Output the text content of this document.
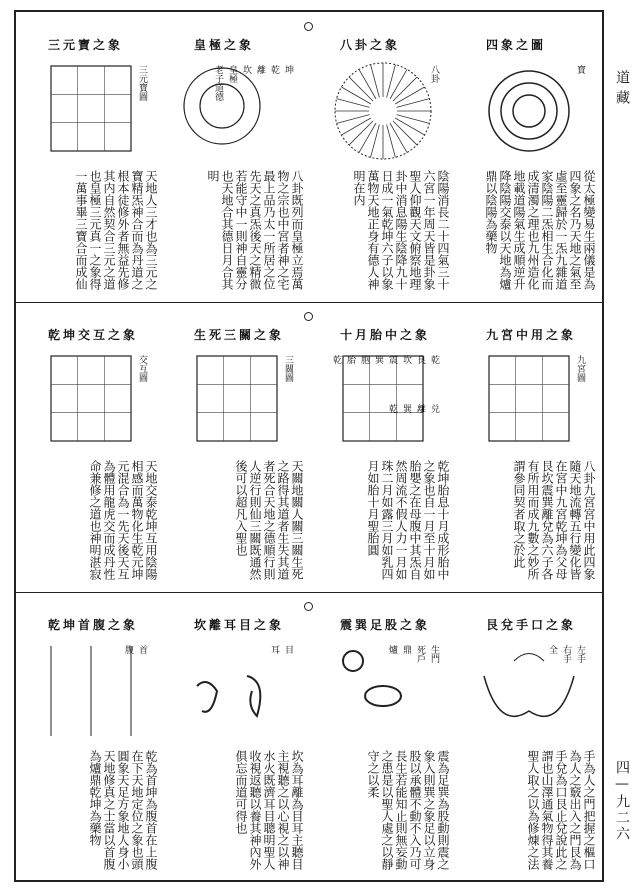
道藏
四—九二六
四象之圖
寶
從太極變易生兩儀是為四象之名乃天地之氣至虛至靈歸於一炁九雜道家陰陽二炁相生合化而成清濁之理也九州造化地載道陽氣生成順逆升降陰陽交泰以天地為爐鼎以陰陽為藥物
八卦之象
八卦
陰陽消長二十四氣三十六宮一年周天皆是卦象聖人仰觀天文俯察地理卦中消息陽生陰降九十日成一氣乾坤六子以象萬物天地正身有德人神明在内
皇極之象
坤
乾
離
坎
皇極
老子道德
八卦既列而皇極立焉萬物之宗也中宮者神之宅最上品乃太一所居之位先天之真炁後天之精微若能守中一則神自靈分也天地合其德日月合其明
三元寶之象
三元寶圖
天地人三才也為三元之寶精炁神合而為丹道之根本徒修外者無益先修其内自然契合三元之道也皇極三元真一之象得一萬事畢三寶合而成仙
九宮中用之象
九宮圖
八卦九宮宮中用此四象隨天地流轉五行變化皆在宮中九宮乾坤為父母艮坎震巽離兌為六子各有所用而成九數之妙所謂參同契者取之於此
十月胎中之象
乾
良
坎
震
巽
胞
胎
乾
兑
離
巽
乾
乾坤胎息十月成形胎中之象也自一月至十月如胎嬰之在母腹中其炁自然周流不假人力一月如珠二月如露三月如乳四月如胎十月聖胎圓
生死三關之象
三關圖
天關地關人關三關生死之路得其道者生失其道者死合天地之德順行則人逆行則仙三關既通然後可以超凡入聖也
乾坤交互之象
交互圖
天地交泰乾坤互用陰陽相感而萬物化生乾元坤元混合為一先天後天互為體用龍虎交而成丹性命兼修之道也神明湛寂
艮兌手口之象
左手
右手
全
手為人之門把握之樞口為人之竅出入之門艮為手兌為口艮止兌說此之謂也山澤通氣物得其養聖人取之以為修煉之法
震巽足股之象
生門
死戶
鼎
爐
震為足巽為股動則震之象入則巽之象足以立身股以承體不動不入乃可長生若能知止則無妄動之患是以聖人處之以靜守之以柔
坎離耳目之象
目
耳
坎為耳離為目耳主聽目主視聽之以心視之以神水火既濟耳目聰明聖人收視返聽以養其神內外俱忘而道可得也
乾坤首腹之象
首
腹
乾為首坤為腹首在上腹在下天地定位之象也頭圓象天足方象地人身小天地修真之士當以首腹為爐鼎乾坤為藥物
